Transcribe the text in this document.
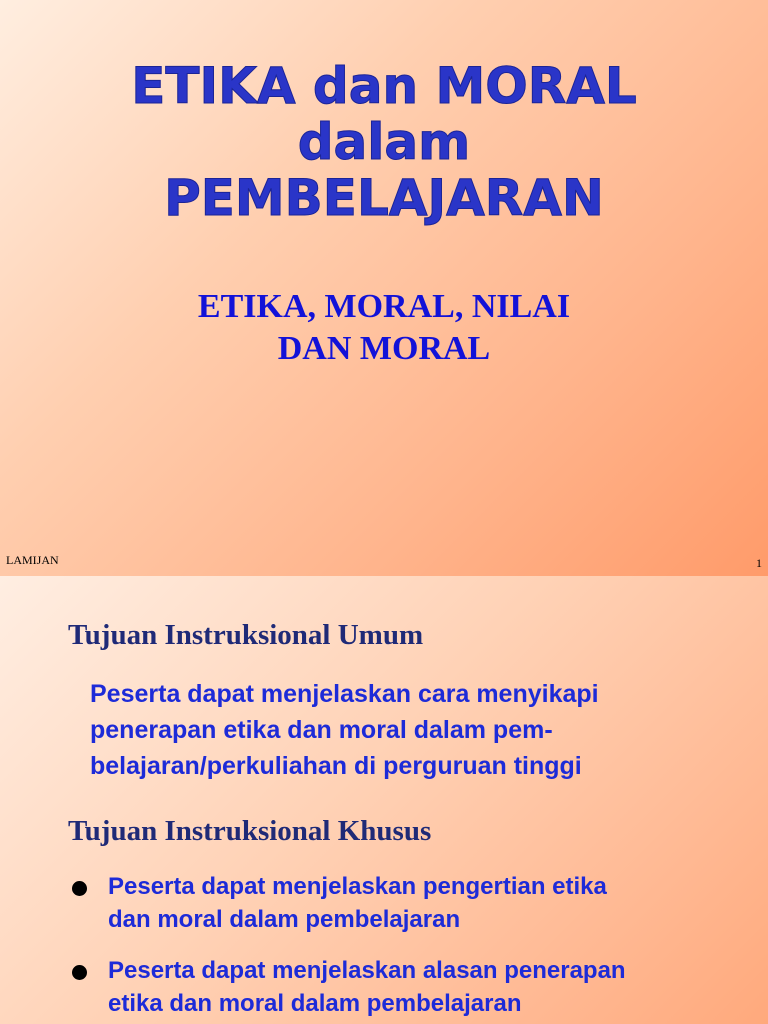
ETIKA dan MORAL
dalam
PEMBELAJARAN
ETIKA, MORAL, NILAI
DAN MORAL
LAMIJAN	1
Tujuan Instruksional Umum
Peserta dapat menjelaskan cara menyikapi
penerapan etika dan moral dalam pem-
belajaran/perkuliahan di perguruan tinggi
Tujuan Instruksional Khusus
Peserta dapat menjelaskan pengertian etika
dan moral dalam pembelajaran
Peserta dapat menjelaskan alasan penerapan
etika dan moral dalam pembelajaran
